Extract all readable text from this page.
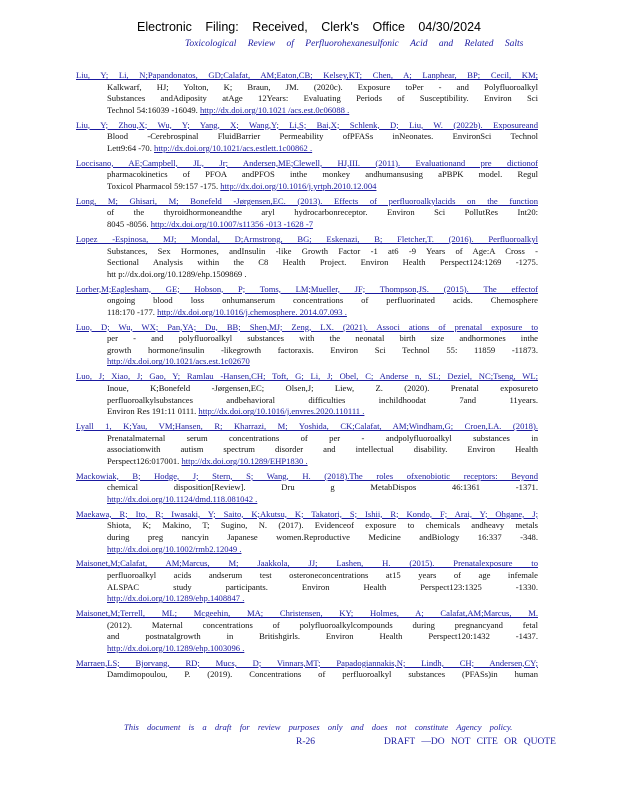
Electronic Filing: Received, Clerk's Office 04/30/2024
Toxicological Review of Perfluorohexanesulfonic Acid and Related Salts
Liu, Y; Li, N;Papandonatos, GD;Calafat, AM;Eaton,CB; Kelsey,KT; Chen, A; Lanphear, BP; Cecil, KM;
Kalkwarf, HJ; Yolton, K; Braun, JM. (2020c). Exposure toPer - and Polyfluoroalkyl
Substances andAdiposity atAge 12Years: Evaluating Periods of Susceptibility. Environ Sci
Technol 54:16039 -16049. http://dx.doi.org/10.1021 /acs.est.0c06088 .
Liu, Y; Zhou,X; Wu, Y; Yang, X; Wang,Y; Li,S; Bai,X; Schlenk, D; Liu, W. (2022b). Exposureand
Blood -Cerebrospinal FluidBarrier Permeability ofPFASs inNeonates. EnvironSci Technol
Lett9:64 -70. http://dx.doi.org/10.1021/acs.estlett.1c00862 .
Loccisano, AE;Campbell, JL, Jr; Andersen,ME;Clewell, HJ,III. (2011). Evaluationand pre dictionof
pharmacokinetics of PFOA andPFOS inthe monkey andhumansusing aPBPK model. Regul
Toxicol Pharmacol 59:157 -175. http://dx.doi.org/10.1016/j.yrtph.2010.12.004
Long, M; Ghisari, M; Bonefeld -Jørgensen,EC. (2013). Effects of perfluoroalkylacids on the function
of the thyroidhormoneandthe aryl hydrocarbonreceptor. Environ Sci PollutRes Int20:
8045 -8056. http://dx.doi.org/10.1007/s11356 -013 -1628 -7
Lopez -Espinosa, MJ; Mondal, D;Armstrong, BG; Eskenazi, B; Fletcher,T. (2016). Perfluoroalkyl
Substances, Sex Hormones, andInsulin -like Growth Factor -1 at6 -9 Years of Age:A Cross -
Sectional Analysis within the C8 Health Project. Environ Health Perspect124:1269 -1275.
htt p://dx.doi.org/10.1289/ehp.1509869 .
Lorber,M;Eaglesham, GE; Hobson, P; Toms, LM;Mueller, JF; Thompson,JS. (2015). The effectof
ongoing blood loss onhumanserum concentrations of perfluorinated acids. Chemosphere
118:170 -177. http://dx.doi.org/10.1016/j.chemosphere. 2014.07.093 .
Luo, D; Wu, WX; Pan,YA; Du, BB; Shen,MJ; Zeng, LX. (2021). Associ ations of prenatal exposure to
per - and polyfluoroalkyl substances with the neonatal birth size andhormones inthe
growth hormone/insulin -likegrowth factoraxis. Environ Sci Technol 55: 11859 -11873.
http://dx.doi.org/10.1021/acs.est.1c02670
Luo, J; Xiao, J; Gao, Y; Ramlau -Hansen,CH; Toft, G; Li, J; Obel, C; Anderse n, SL; Deziel, NC;Tseng, WL;
Inoue, K;Bonefeld -Jørgensen,EC; Olsen,J; Liew, Z. (2020). Prenatal exposureto
perfluoroalkylsubstances andbehavioral difficulties inchildhoodat 7and 11years.
Environ Res 191:11 0111. http://dx.doi.org/10.1016/j.envres.2020.110111 .
Lyall 1, K;Yau, VM;Hansen, R; Kharrazi, M; Yoshida, CK;Calafat, AM;Windham,G; Croen,LA. (2018).
Prenatalmaternal serum concentrations of per - andpolyfluoroalkyl substances in
associationwith autism spectrum disorder and intellectual disability. Environ Health
Perspect126:017001. http://dx.doi.org/10.1289/EHP1830 .
Mackowiak, B; Hodge, J; Stern, S; Wang, H. (2018).The roles ofxenobiotic receptors: Beyond
chemical disposition[Review]. Dru g MetabDispos 46:1361 -1371.
http://dx.doi.org/10.1124/dmd.118.081042 .
Maekawa, R; Ito, R; Iwasaki, Y; Saito, K;Akutsu, K; Takatori, S; Ishii, R; Kondo, F; Arai, Y; Ohgane, J;
Shiota, K; Makino, T; Sugino, N. (2017). Evidenceof exposure to chemicals andheavy metals
during preg nancyin Japanese women.Reproductive Medicine andBiology 16:337 -348.
http://dx.doi.org/10.1002/rmb2.12049 .
Maisonet,M;Calafat, AM;Marcus, M; Jaakkola, JJ; Lashen, H. (2015). Prenatalexposure to
perfluoroalkyl acids andserum test osteroneconcentrations at15 years of age infemale
ALSPAC study participants. Environ Health Perspect123:1325 -1330.
http://dx.doi.org/10.1289/ehp.1408847 .
Maisonet,M;Terrell, ML; Mcgeehin, MA; Christensen, KY; Holmes, A; Calafat,AM;Marcus, M.
(2012). Maternal concentrations of polyfluoroalkylcompounds during pregnancyand fetal
and postnatalgrowth in Britishgirls. Environ Health Perspect120:1432 -1437.
http://dx.doi.org/10.1289/ehp.1003096 .
Marraen,LS; Bjorvang, RD; Mucs, D; Vinnars,MT; Papadogiannakis,N; Lindh, CH; Andersen,CY;
Damdimopoulou, P. (2019). Concentrations of perfluoroalkyl substances (PFASs)in human
This document is a draft for review purposes only and does not constitute Agency policy.
R-26	DRAFT —DO NOT CITE OR QUOTE
